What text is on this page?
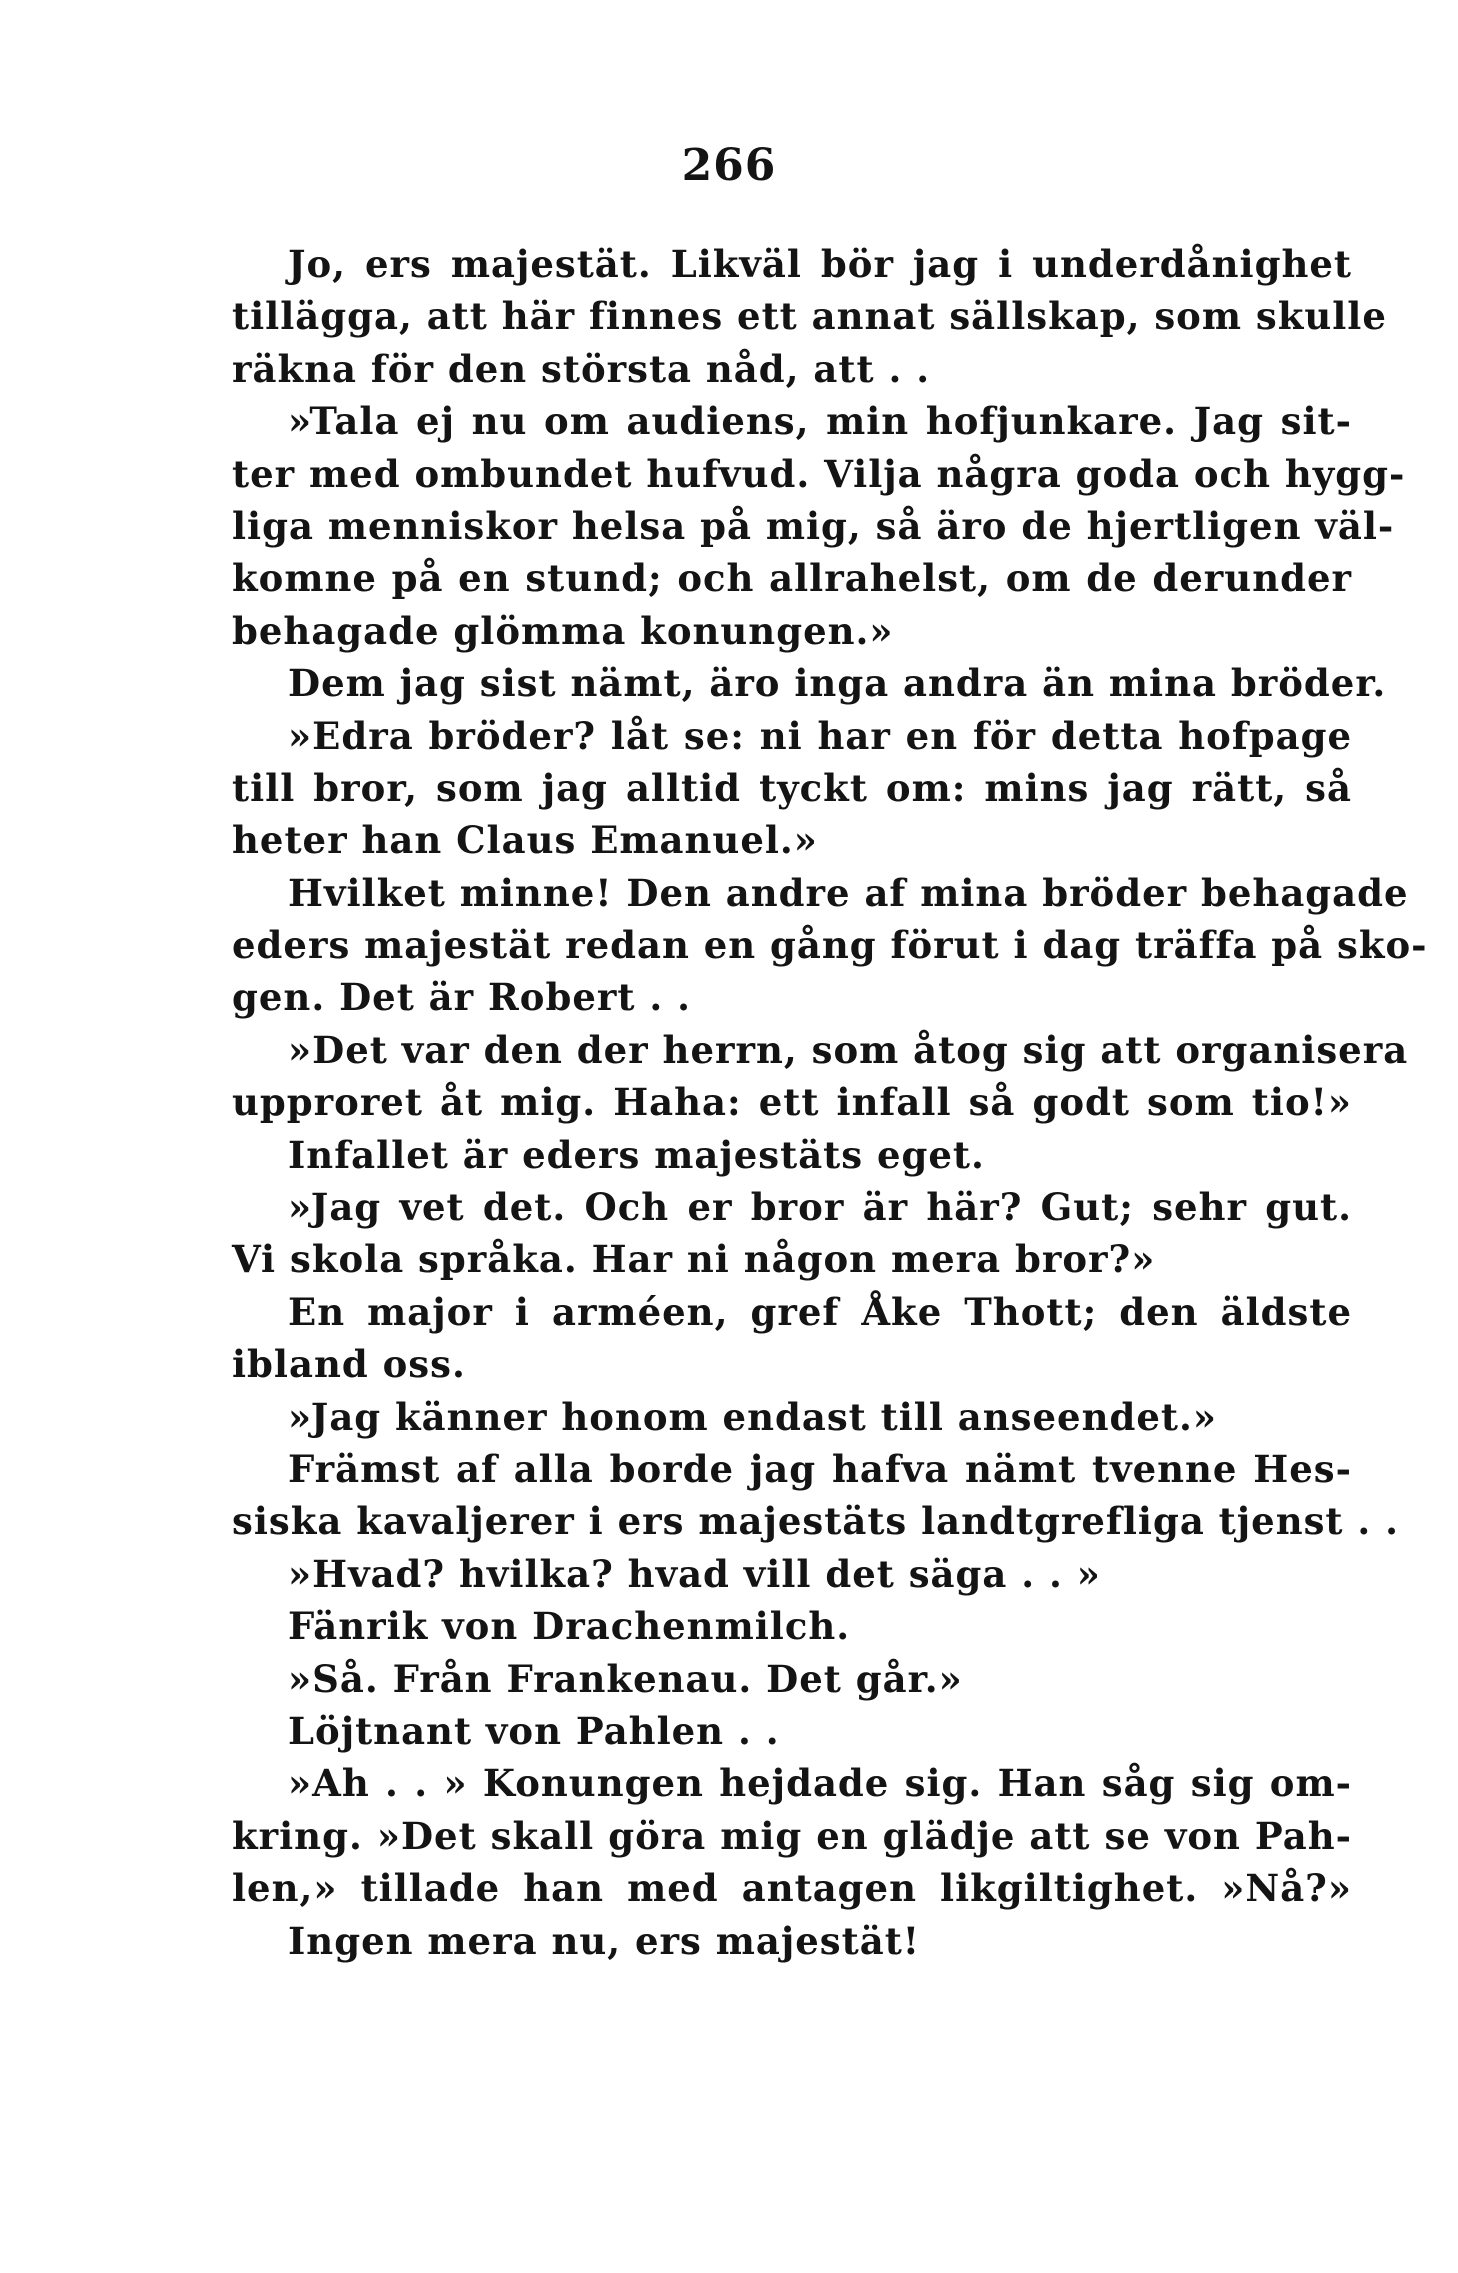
266
Jo, ers majestät. Likväl bör jag i underdånighet
tillägga, att här finnes ett annat sällskap, som skulle
räkna för den största nåd, att . .
»Tala ej nu om audiens, min hofjunkare. Jag sit-
ter med ombundet hufvud. Vilja några goda och hygg-
liga menniskor helsa på mig, så äro de hjertligen väl-
komne på en stund; och allrahelst, om de derunder
behagade glömma konungen.»
Dem jag sist nämt, äro inga andra än mina bröder.
»Edra bröder? låt se: ni har en för detta hofpage
till bror, som jag alltid tyckt om: mins jag rätt, så
heter han Claus Emanuel.»
Hvilket minne! Den andre af mina bröder behagade
eders majestät redan en gång förut i dag träffa på sko-
gen. Det är Robert . .
»Det var den der herrn, som åtog sig att organisera
upproret åt mig. Haha: ett infall så godt som tio!»
Infallet är eders majestäts eget.
»Jag vet det. Och er bror är här? Gut; sehr gut.
Vi skola språka. Har ni någon mera bror?»
En major i arméen, gref Åke Thott; den äldste
ibland oss.
»Jag känner honom endast till anseendet.»
Främst af alla borde jag hafva nämt tvenne Hes-
siska kavaljerer i ers majestäts landtgrefliga tjenst . .
»Hvad? hvilka? hvad vill det säga . . »
Fänrik von Drachenmilch.
»Så. Från Frankenau. Det går.»
Löjtnant von Pahlen . .
»Ah . . » Konungen hejdade sig. Han såg sig om-
kring. »Det skall göra mig en glädje att se von Pah-
len,» tillade han med antagen likgiltighet. »Nå?»
Ingen mera nu, ers majestät!
